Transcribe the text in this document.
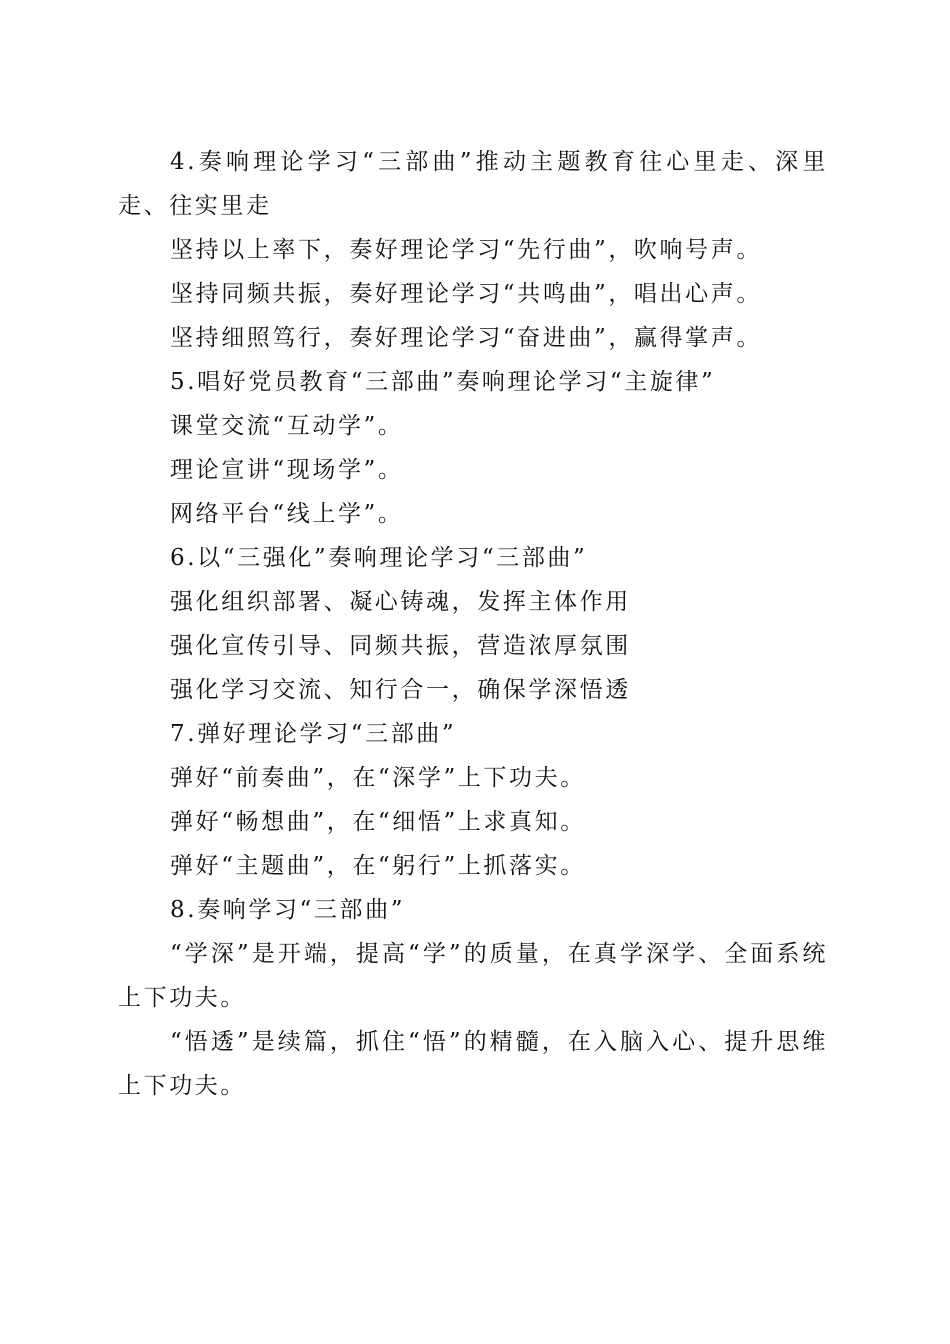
4.奏响理论学习“三部曲”推动主题教育往心里走、深里走、往实里走

坚持以上率下，奏好理论学习“先行曲”，吹响号声。

坚持同频共振，奏好理论学习“共鸣曲”，唱出心声。

坚持细照笃行，奏好理论学习“奋进曲”，赢得掌声。

5.唱好党员教育“三部曲”奏响理论学习“主旋律”

课堂交流“互动学”。

理论宣讲“现场学”。

网络平台“线上学”。

6.以“三强化”奏响理论学习“三部曲”

强化组织部署、凝心铸魂，发挥主体作用

强化宣传引导、同频共振，营造浓厚氛围

强化学习交流、知行合一，确保学深悟透

7.弹好理论学习“三部曲”

弹好“前奏曲”，在“深学”上下功夫。

弹好“畅想曲”，在“细悟”上求真知。

弹好“主题曲”，在“躬行”上抓落实。

8.奏响学习“三部曲”

“学深”是开端，提高“学”的质量，在真学深学、全面系统上下功夫。

“悟透”是续篇，抓住“悟”的精髓，在入脑入心、提升思维上下功夫。
